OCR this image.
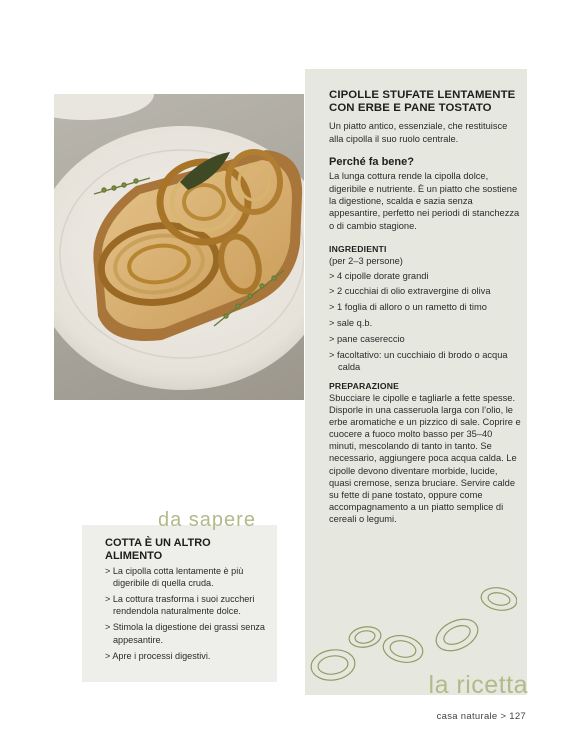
CIPOLLE STUFATE LENTAMENTE CON ERBE E PANE TOSTATO

Un piatto antico, essenziale, che restituisce alla cipolla il suo ruolo centrale.

Perché fa bene?

La lunga cottura rende la cipolla dolce, digeribile e nutriente. È un piatto che sostiene la digestione, scalda e sazia senza appesantire, perfetto nei periodi di stanchezza o di cambio stagione.

INGREDIENTI

(per 2–3 persone)

> 4 cipolle dorate grandi
> 2 cucchiai di olio extravergine di oliva
> 1 foglia di alloro o un rametto di timo
> sale q.b.
> pane casereccio
> facoltativo: un cucchiaio di brodo o acqua calda
PREPARAZIONE

Sbucciare le cipolle e tagliarle a fette spesse. Disporle in una casseruola larga con l’olio, le erbe aromatiche e un pizzico di sale. Coprire e cuocere a fuoco molto basso per 35–40 minuti, mescolando di tanto in tanto. Se necessario, aggiungere poca acqua calda. Le cipolle devono diventare morbide, lucide, quasi cremose, senza bruciare. Servire calde su fette di pane tostato, oppure come accompagnamento a un piatto semplice di cereali o legumi.

la ricetta
da sapere
COTTA È UN ALTRO ALIMENTO
> La cipolla cotta lentamente è più digeribile di quella cruda.
> La cottura trasforma i suoi zuccheri rendendola naturalmente dolce.
> Stimola la digestione dei grassi senza appesantire.
> Apre i processi digestivi.
casa naturale > 127
